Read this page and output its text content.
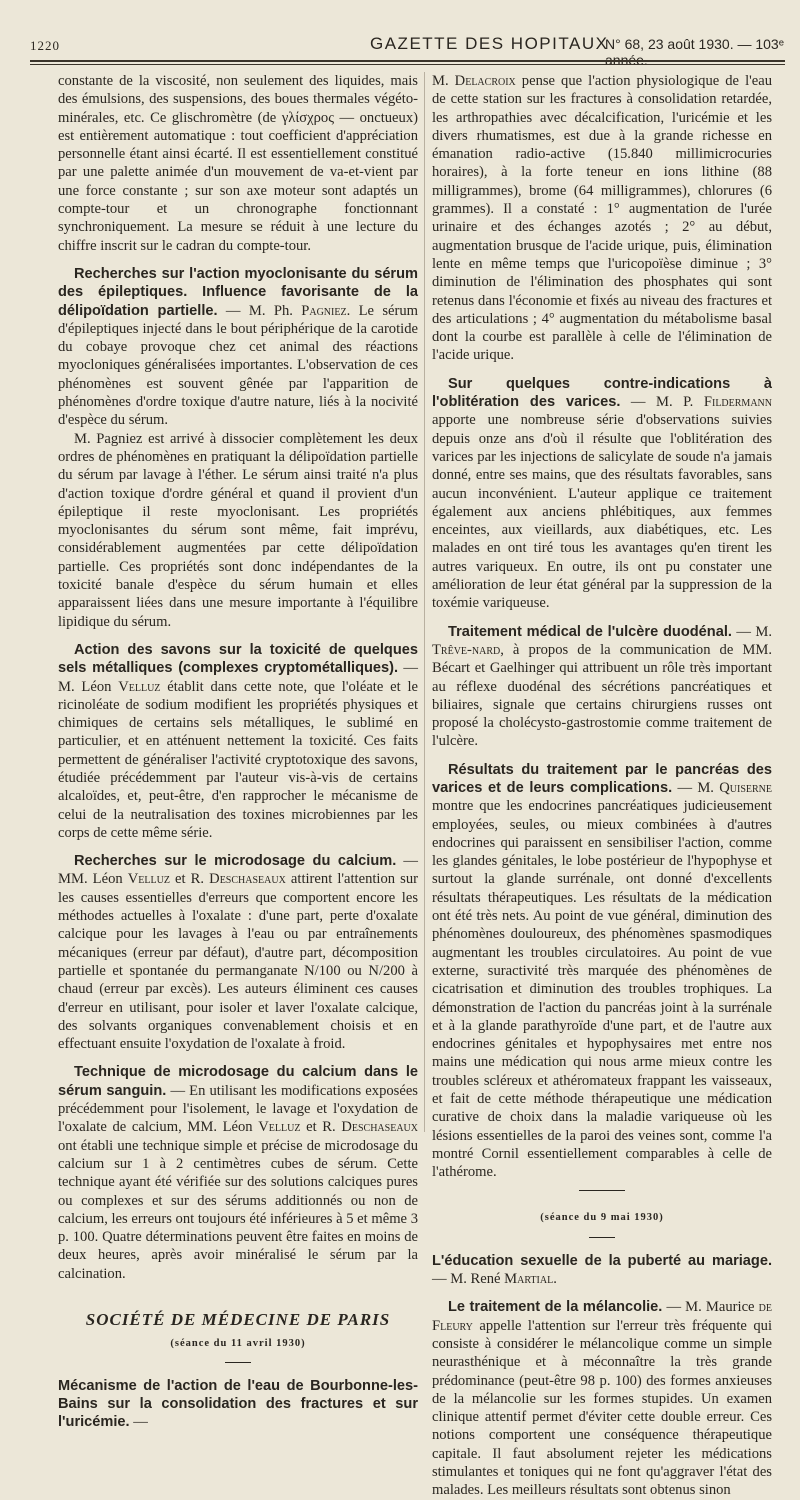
1220	GAZETTE DES HOPITAUX
N° 68, 23 août 1930. — 103ᵉ année.

constante de la viscosité, non seulement des liquides, mais des émulsions, des suspensions, des boues thermales végéto-minérales, etc. Ce glischromètre (de γλίσχρος — onctueux) est entièrement automatique : tout coefficient d'appréciation personnelle étant ainsi écarté. Il est essentiellement constitué par une palette animée d'un mouvement de va-et-vient par une force constante ; sur son axe moteur sont adaptés un compte-tour et un chronographe fonctionnant synchroniquement. La mesure se réduit à une lecture du chiffre inscrit sur le cadran du compte-tour.

Recherches sur l'action myoclonisante du sérum des épileptiques. Influence favorisante de la délipoïdation partielle. — M. Ph. Pagniez. Le sérum d'épileptiques injecté dans le bout périphérique de la carotide du cobaye provoque chez cet animal des réactions myocloniques généralisées importantes. L'observation de ces phénomènes est souvent gênée par l'apparition de phénomènes d'ordre toxique d'autre nature, liés à la nocivité d'espèce du sérum.

M. Pagniez est arrivé à dissocier complètement les deux ordres de phénomènes en pratiquant la délipoïdation partielle du sérum par lavage à l'éther. Le sérum ainsi traité n'a plus d'action toxique d'ordre général et quand il provient d'un épileptique il reste myoclonisant. Les propriétés myoclonisantes du sérum sont même, fait imprévu, considérablement augmentées par cette délipoïdation partielle. Ces propriétés sont donc indépendantes de la toxicité banale d'espèce du sérum humain et elles apparaissent liées dans une mesure importante à l'équilibre lipidique du sérum.

Action des savons sur la toxicité de quelques sels métalliques (complexes cryptométalliques). — M. Léon Velluz établit dans cette note, que l'oléate et le ricinoléate de sodium modifient les propriétés physiques et chimiques de certains sels métalliques, le sublimé en particulier, et en atténuent nettement la toxicité. Ces faits permettent de généraliser l'activité cryptotoxique des savons, étudiée précédemment par l'auteur vis-à-vis de certains alcaloïdes, et, peut-être, d'en rapprocher le mécanisme de celui de la neutralisation des toxines microbiennes par les corps de cette même série.

Recherches sur le microdosage du calcium. — MM. Léon Velluz et R. Deschaseaux attirent l'attention sur les causes essentielles d'erreurs que comportent encore les méthodes actuelles à l'oxalate : d'une part, perte d'oxalate calcique pour les lavages à l'eau ou par entraînements mécaniques (erreur par défaut), d'autre part, décomposition partielle et spontanée du permanganate N/100 ou N/200 à chaud (erreur par excès). Les auteurs éliminent ces causes d'erreur en utilisant, pour isoler et laver l'oxalate calcique, des solvants organiques convenablement choisis et en effectuant ensuite l'oxydation de l'oxalate à froid.

Technique de microdosage du calcium dans le sérum sanguin. — En utilisant les modifications exposées précédemment pour l'isolement, le lavage et l'oxydation de l'oxalate de calcium, MM. Léon Velluz et R. Deschaseaux ont établi une technique simple et précise de microdosage du calcium sur 1 à 2 centimètres cubes de sérum. Cette technique ayant été vérifiée sur des solutions calciques pures ou complexes et sur des sérums additionnés ou non de calcium, les erreurs ont toujours été inférieures à 5 et même 3 p. 100. Quatre déterminations peuvent être faites en moins de deux heures, après avoir minéralisé le sérum par la calcination.

SOCIÉTÉ DE MÉDECINE DE PARIS
(séance du 11 avril 1930)

Mécanisme de l'action de l'eau de Bourbonne-les-Bains sur la consolidation des fractures et sur l'uricémie. —

M. Delacroix pense que l'action physiologique de l'eau de cette station sur les fractures à consolidation retardée, les arthropathies avec décalcification, l'uricémie et les divers rhumatismes, est due à la grande richesse en émanation radio-active (15.840 millimicrocuries horaires), à la forte teneur en ions lithine (88 milligrammes), brome (64 milligrammes), chlorures (6 grammes). Il a constaté : 1° augmentation de l'urée urinaire et des échanges azotés ; 2° au début, augmentation brusque de l'acide urique, puis, élimination lente en même temps que l'uricopoïèse diminue ; 3° diminution de l'élimination des phosphates qui sont retenus dans l'économie et fixés au niveau des fractures et des articulations ; 4° augmentation du métabolisme basal dont la courbe est parallèle à celle de l'élimination de l'acide urique.

Sur quelques contre-indications à l'oblitération des varices. — M. P. Fildermann apporte une nombreuse série d'observations suivies depuis onze ans d'où il résulte que l'oblitération des varices par les injections de salicylate de soude n'a jamais donné, entre ses mains, que des résultats favorables, sans aucun inconvénient. L'auteur applique ce traitement également aux anciens phlébitiques, aux femmes enceintes, aux vieillards, aux diabétiques, etc. Les malades en ont tiré tous les avantages qu'en tirent les autres variqueux. En outre, ils ont pu constater une amélioration de leur état général par la suppression de la toxémie variqueuse.

Traitement médical de l'ulcère duodénal. — M. Trêve-nard, à propos de la communication de MM. Bécart et Gaelhinger qui attribuent un rôle très important au réflexe duodénal des sécrétions pancréatiques et biliaires, signale que certains chirurgiens russes ont proposé la cholécysto-gastrostomie comme traitement de l'ulcère.

Résultats du traitement par le pancréas des varices et de leurs complications. — M. Quiserne montre que les endocrines pancréatiques judicieusement employées, seules, ou mieux combinées à d'autres endocrines qui paraissent en sensibiliser l'action, comme les glandes génitales, le lobe postérieur de l'hypophyse et surtout la glande surrénale, ont donné d'excellents résultats thérapeutiques. Les résultats de la médication ont été très nets. Au point de vue général, diminution des phénomènes douloureux, des phénomènes spasmodiques augmentant les troubles circulatoires. Au point de vue externe, suractivité très marquée des phénomènes de cicatrisation et diminution des troubles trophiques. La démonstration de l'action du pancréas joint à la surrénale et à la glande parathyroïde d'une part, et de l'autre aux endocrines génitales et hypophysaires met entre nos mains une médication qui nous arme mieux contre les troubles scléreux et athéromateux frappant les vaisseaux, et fait de cette méthode thérapeutique une médication curative de choix dans la maladie variqueuse où les lésions essentielles de la paroi des veines sont, comme l'a montré Cornil essentiellement comparables à celle de l'athérome.

(séance du 9 mai 1930)

L'éducation sexuelle de la puberté au mariage. — M. René Martial.

Le traitement de la mélancolie. — M. Maurice de Fleury appelle l'attention sur l'erreur très fréquente qui consiste à considérer le mélancolique comme un simple neurasthénique et à méconnaître la très grande prédominance (peut-être 98 p. 100) des formes anxieuses de la mélancolie sur les formes stupides. Un examen clinique attentif permet d'éviter cette double erreur. Ces notions comportent une conséquence thérapeutique capitale. Il faut absolument rejeter les médications stimulantes et toniques qui ne font qu'aggraver l'état des malades. Les meilleurs résultats sont obtenus sinon
